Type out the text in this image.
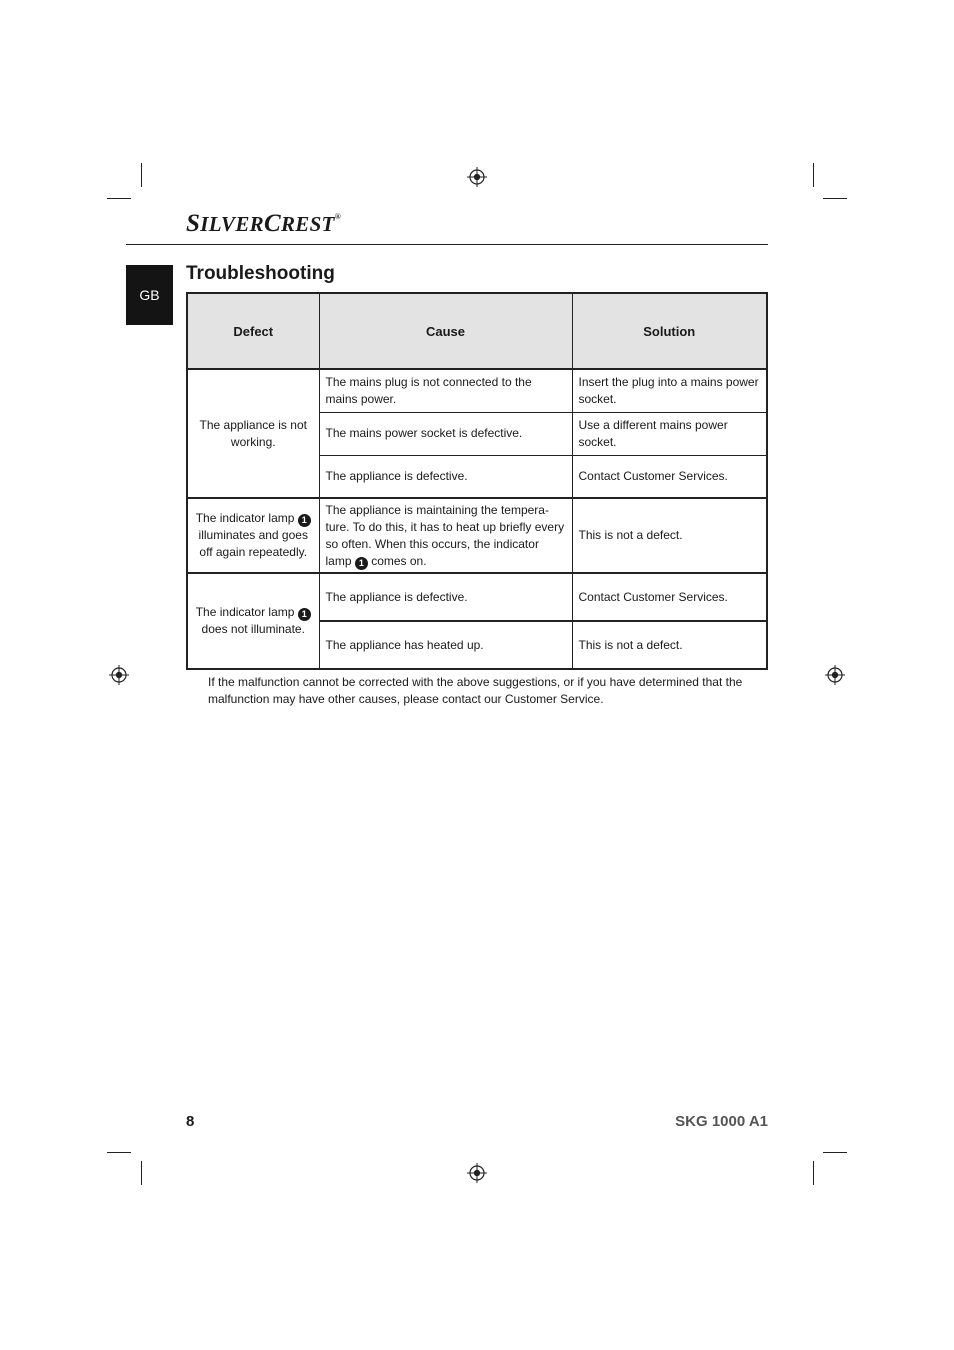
SILVERCREST®
GB
Troubleshooting
Defect	Cause	Solution
The appliance is not working.	The mains plug is not connected to the mains power.	Insert the plug into a mains power socket.
	The mains power socket is defective.	Use a different mains power socket.
	The appliance is defective.	Contact Customer Services.
The indicator lamp 1 illuminates and goes off again repeatedly.	The appliance is maintaining the temperature. To do this, it has to heat up briefly every so often. When this occurs, the indicator lamp 1 comes on.	This is not a defect.
The indicator lamp 1 does not illuminate.	The appliance is defective.	Contact Customer Services.
	The appliance has heated up.	This is not a defect.
If the malfunction cannot be corrected with the above suggestions, or if you have determined that the malfunction may have other causes, please contact our Customer Service.
8	SKG 1000 A1
